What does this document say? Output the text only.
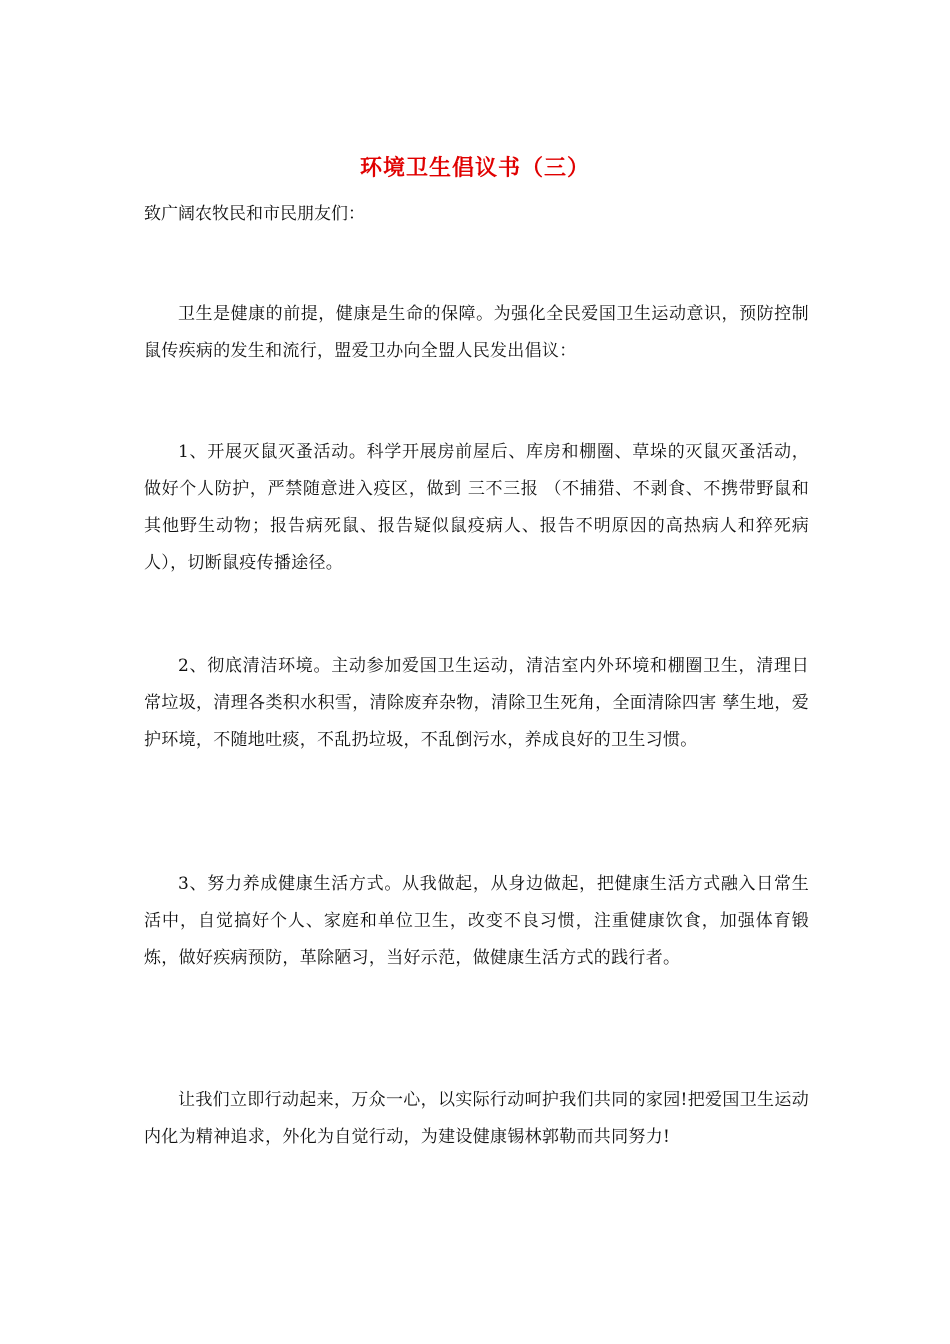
环境卫生倡议书（三）
致广阔农牧民和市民朋友们：

卫生是健康的前提，健康是生命的保障。为强化全民爱国卫生运动意识，预防控制鼠传疾病的发生和流行，盟爱卫办向全盟人民发出倡议：

1、开展灭鼠灭蚤活动。科学开展房前屋后、库房和棚圈、草垛的灭鼠灭蚤活动，做好个人防护，严禁随意进入疫区，做到 三不三报 （不捕猎、不剥食、不携带野鼠和其他野生动物；报告病死鼠、报告疑似鼠疫病人、报告不明原因的高热病人和猝死病人），切断鼠疫传播途径。

2、彻底清洁环境。主动参加爱国卫生运动，清洁室内外环境和棚圈卫生，清理日常垃圾，清理各类积水积雪，清除废弃杂物，清除卫生死角，全面清除四害 孳生地，爱护环境，不随地吐痰，不乱扔垃圾，不乱倒污水，养成良好的卫生习惯。

3、努力养成健康生活方式。从我做起，从身边做起，把健康生活方式融入日常生活中，自觉搞好个人、家庭和单位卫生，改变不良习惯，注重健康饮食，加强体育锻炼，做好疾病预防，革除陋习，当好示范，做健康生活方式的践行者。

让我们立即行动起来，万众一心，以实际行动呵护我们共同的家园!把爱国卫生运动内化为精神追求，外化为自觉行动，为建设健康锡林郭勒而共同努力!
